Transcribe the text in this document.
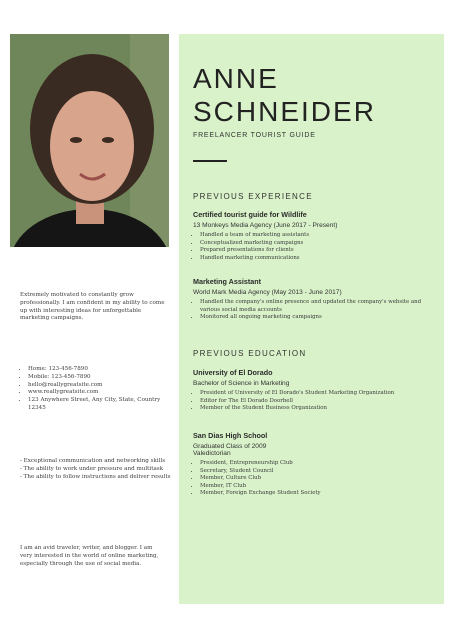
Extremely motivated to constantly grow professionally. I am confident in my ability to come up with interesting ideas for unforgettable marketing campaigns.
• Home: 123-456-7890
• Mobile: 123-456-7890
• hello@reallygreatsite.com
• www.reallygreatsite.com
• 123 Anywhere Street, Any City, State, Country 12345
- Exceptional communication and networking skills
- The ability to work under pressure and multitask
- The ability to follow instructions and deliver results
I am an avid traveler, writer, and blogger. I am very interested in the world of online marketing, especially through the use of social media.
ANNE
SCHNEIDER
FREELANCER TOURIST GUIDE
PREVIOUS EXPERIENCE
Certified tourist guide for Wildlife
13 Monkeys Media Agency (June 2017 - Present)
• Handled a team of marketing assistants
• Conceptualized marketing campaigns
• Prepared presentations for clients
• Handled marketing communications
Marketing Assistant
World Mark Media Agency (May 2013 - June 2017)
• Handled the company's online presence and updated the company's website and various social media accounts
• Monitored all ongoing marketing campaigns
PREVIOUS EDUCATION
University of El Dorado
Bachelor of Science in Marketing
• President of University of El Dorado's Student Marketing Organization
• Editor for The El Dorado Doorbell
• Member of the Student Business Organization
San Dias High School
Graduated Class of 2009
Valedictorian
• President, Entrepreneurship Club
• Secretary, Student Council
• Member, Culture Club
• Member, IT Club
• Member, Foreign Exchange Student Society
